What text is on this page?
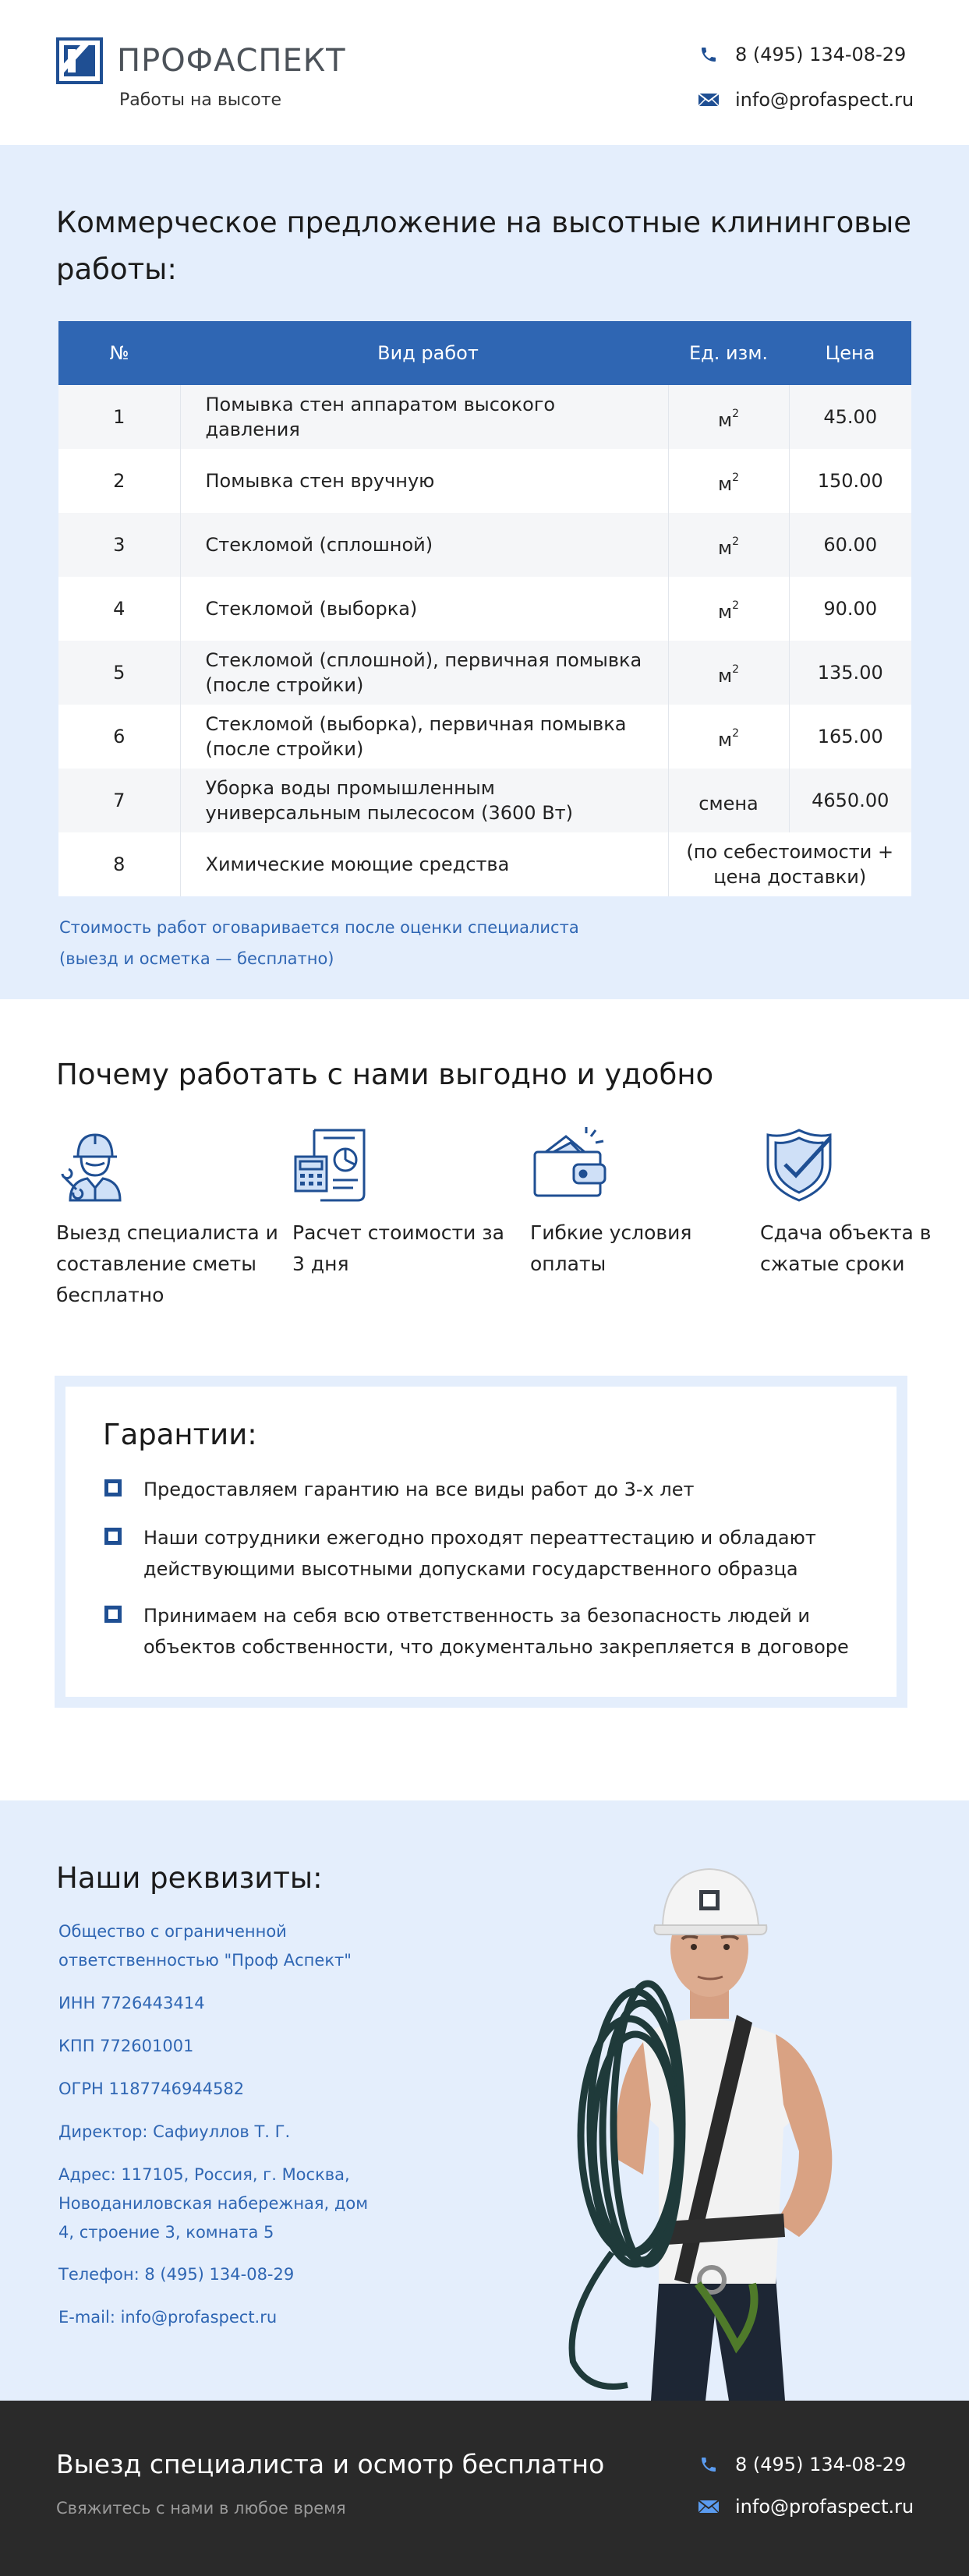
ПРОФАСПЕКТ
Работы на высоте
8 (495) 134-08-29
info@profaspect.ru
Коммерческое предложение на высотные клининговые работы:
№	Вид работ	Ед. изм.	Цена
1	Помывка стен аппаратом высокого давления	$м^2$	45.00
2	Помывка стен вручную	$м^2$	150.00
3	Стекломой (сплошной)	$м^2$	60.00
4	Стекломой (выборка)	$м^2$	90.00
5	Стекломой (сплошной), первичная помывка (после стройки)	$м^2$	135.00
6	Стекломой (выборка), первичная помывка (после стройки)	$м^2$	165.00
7	Уборка воды промышленным универсальным пылесосом (3600 Вт)	смена	4650.00
8	Химические моющие средства	(по себестоимости + цена доставки)	
Стоимость работ оговаривается после оценки специалиста
(выезд и осметка — бесплатно)
Почему работать с нами выгодно и удобно
Выезд специалиста и составление сметы бесплатно
Расчет стоимости за 3 дня
Гибкие условия оплаты
Сдача объекта в сжатые сроки
Гарантии:
Предоставляем гарантию на все виды работ до 3-х лет
Наши сотрудники ежегодно проходят переаттестацию и обладают действующими высотными допусками государственного образца
Принимаем на себя всю ответственность за безопасность людей и объектов собственности, что документально закрепляется в договоре
Наши реквизиты:
Общество с ограниченной ответственностью "Проф Аспект"
ИНН 7726443414
КПП 772601001
ОГРН 1187746944582
Директор: Сафиуллов Т. Г.
Адрес: 117105, Россия, г. Москва, Новоданиловская набережная, дом 4, строение 3, комната 5
Телефон: 8 (495) 134-08-29
E-mail: info@profaspect.ru
Выезд специалиста и осмотр бесплатно
Свяжитесь с нами в любое время
8 (495) 134-08-29
info@profaspect.ru
